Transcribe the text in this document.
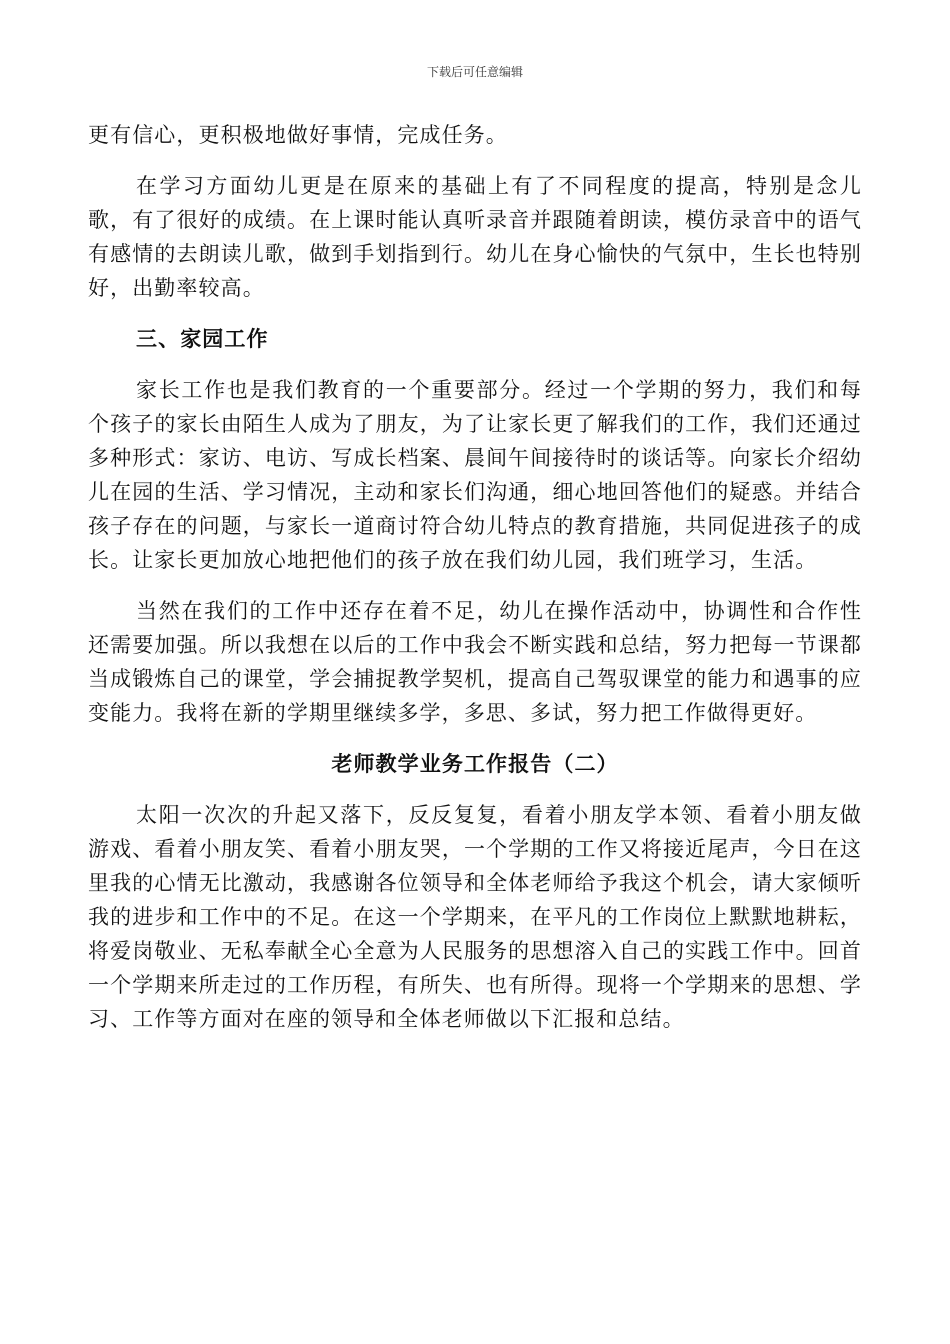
下载后可任意编辑

更有信心，更积极地做好事情，完成任务。

在学习方面幼儿更是在原来的基础上有了不同程度的提高，特别是念儿歌，有了很好的成绩。在上课时能认真听录音并跟随着朗读，模仿录音中的语气有感情的去朗读儿歌，做到手划指到行。幼儿在身心愉快的气氛中，生长也特别好，出勤率较高。

三、家园工作

家长工作也是我们教育的一个重要部分。经过一个学期的努力，我们和每个孩子的家长由陌生人成为了朋友，为了让家长更了解我们的工作，我们还通过多种形式：家访、电访、写成长档案、晨间午间接待时的谈话等。向家长介绍幼儿在园的生活、学习情况，主动和家长们沟通，细心地回答他们的疑惑。并结合孩子存在的问题，与家长一道商讨符合幼儿特点的教育措施，共同促进孩子的成长。让家长更加放心地把他们的孩子放在我们幼儿园，我们班学习，生活。

当然在我们的工作中还存在着不足，幼儿在操作活动中，协调性和合作性还需要加强。所以我想在以后的工作中我会不断实践和总结，努力把每一节课都当成锻炼自己的课堂，学会捕捉教学契机，提高自己驾驭课堂的能力和遇事的应变能力。我将在新的学期里继续多学，多思、多试，努力把工作做得更好。

老师教学业务工作报告（二）

太阳一次次的升起又落下，反反复复，看着小朋友学本领、看着小朋友做游戏、看着小朋友笑、看着小朋友哭，一个学期的工作又将接近尾声，今日在这里我的心情无比激动，我感谢各位领导和全体老师给予我这个机会，请大家倾听我的进步和工作中的不足。在这一个学期来，在平凡的工作岗位上默默地耕耘，将爱岗敬业、无私奉献全心全意为人民服务的思想溶入自己的实践工作中。回首一个学期来所走过的工作历程，有所失、也有所得。现将一个学期来的思想、学习、工作等方面对在座的领导和全体老师做以下汇报和总结。
